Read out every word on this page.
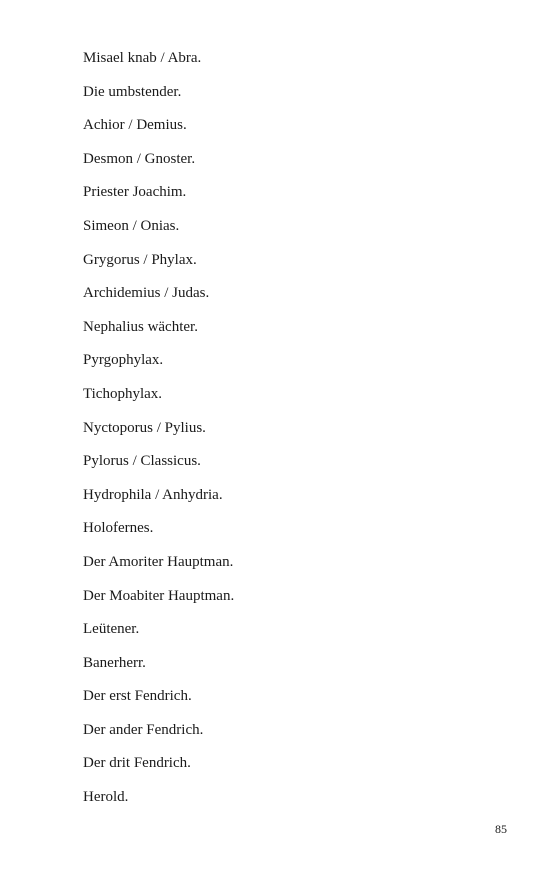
Misael knab / Abra.
Die umbstender.
Achior / Demius.
Desmon / Gnoster.
Priester Joachim.
Simeon / Onias.
Grygorus / Phylax.
Archidemius / Judas.
Nephalius wächter.
Pyrgophylax.
Tichophylax.
Nyctoporus / Pylius.
Pylorus / Classicus.
Hydrophila / Anhydria.
Holofernes.
Der Amoriter Hauptman.
Der Moabiter Hauptman.
Leütener.
Banerherr.
Der erst Fendrich.
Der ander Fendrich.
Der drit Fendrich.
Herold.
85
